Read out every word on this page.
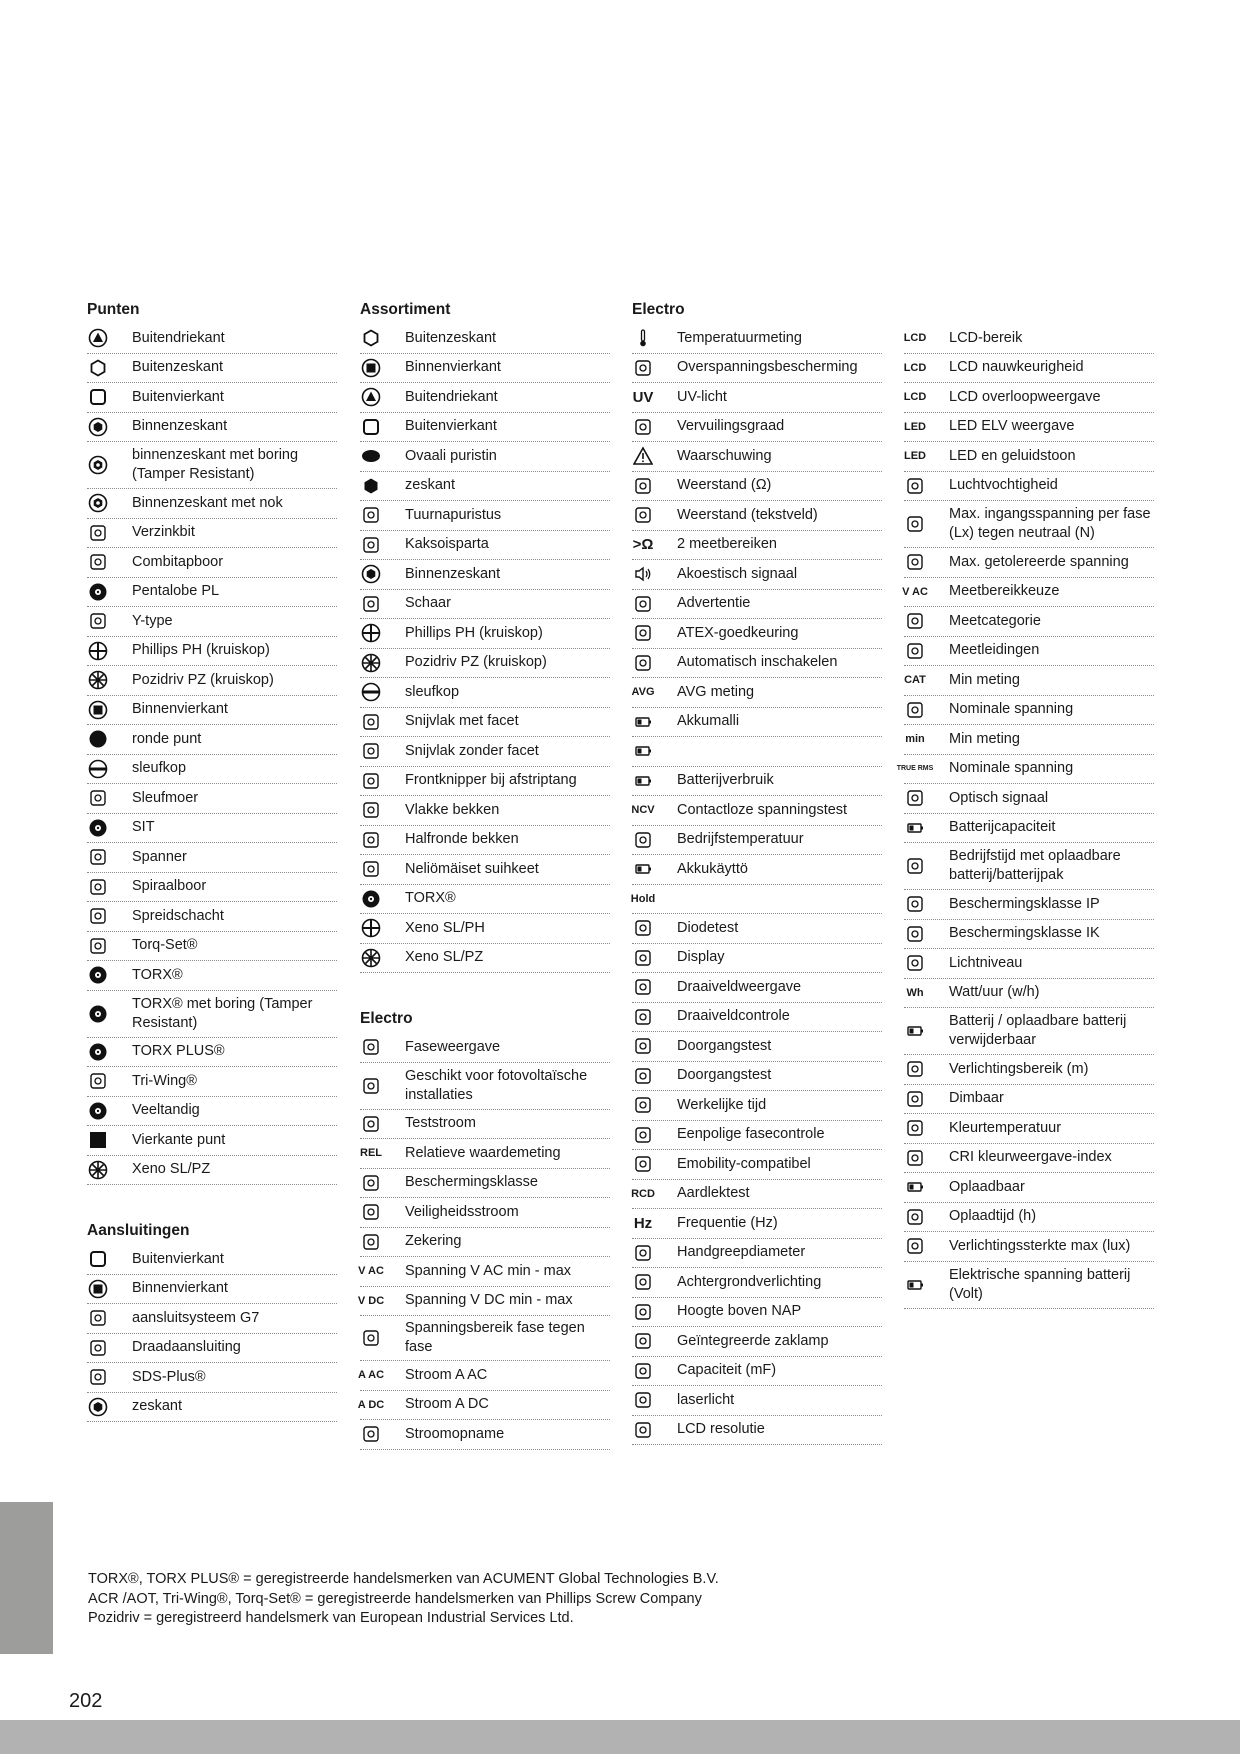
Punten
Buitendriekant
Buitenzeskant
Buitenvierkant
Binnenzeskant
binnenzeskant met boring (Tamper Resistant)
Binnenzeskant met nok
Verzinkbit
Combitapboor
Pentalobe PL
Y-type
Phillips PH (kruiskop)
Pozidriv PZ (kruiskop)
Binnenvierkant
ronde punt
sleufkop
Sleufmoer
SIT
Spanner
Spiraalboor
Spreidschacht
Torq-Set®
TORX®
TORX® met boring (Tamper Resistant)
TORX PLUS®
Tri-Wing®
Veeltandig
Vierkante punt
Xeno SL/PZ
Aansluitingen
Buitenvierkant
Binnenvierkant
aansluitsysteem G7
Draadaansluiting
SDS-Plus®
zeskant
Assortiment
Buitenzeskant
Binnenvierkant
Buitendriekant
Buitenvierkant
Ovaali puristin
zeskant
Tuurnapuristus
Kaksoisparta
Binnenzeskant
Schaar
Phillips PH (kruiskop)
Pozidriv PZ (kruiskop)
sleufkop
Snijvlak met facet
Snijvlak zonder facet
Frontknipper bij afstriptang
Vlakke bekken
Halfronde bekken
Neliömäiset suihkeet
TORX®
Xeno SL/PH
Xeno SL/PZ
Electro
Faseweergave
Geschikt voor fotovoltaïsche installaties
Teststroom
REL Relatieve waardemeting
Beschermingsklasse
Veiligheidsstroom
Zekering
V AC Spanning V AC min - max
V DC Spanning V DC min - max
Spanningsbereik fase tegen fase
A AC Stroom A AC
A DC Stroom A DC
Stroomopname
Electro
Temperatuurmeting
Overspanningsbescherming
UV UV-licht
Vervuilingsgraad
Waarschuwing
Weerstand (Ω)
Weerstand (tekstveld)
>Ω 2 meetbereiken
Akoestisch signaal
Advertentie
ATEX-goedkeuring
Automatisch inschakelen
AVG AVG meting
Akkumalli
Batterijverbruik
NCV Contactloze spanningstest
Bedrijfstemperatuur
Akkukäyttö
Hold
Diodetest
Display
Draaiveldweergave
Draaiveldcontrole
Doorgangstest
Doorgangstest
Werkelijke tijd
Eenpolige fasecontrole
Emobility-compatibel
RCD Aardlektest
Hz Frequentie (Hz)
Handgreepdiameter
Achtergrondverlichting
Hoogte boven NAP
Geïntegreerde zaklamp
Capaciteit (mF)
laserlicht
LCD resolutie
LCD LCD-bereik
LCD LCD nauwkeurigheid
LCD LCD overloopweergave
LED LED ELV weergave
LED LED en geluidstoon
Luchtvochtigheid
Max. ingangsspanning per fase (Lx) tegen neutraal (N)
Max. getolereerde spanning
V AC Meetbereikkeuze
Meetcategorie
Meetleidingen
CAT Min meting
Nominale spanning
min Min meting
TRUE RMS Nominale spanning
Optisch signaal
Batterijcapaciteit
Bedrijfstijd met oplaadbare batterij/batterijpak
Beschermingsklasse IP
Beschermingsklasse IK
Lichtniveau
Wh Watt/uur (w/h)
Batterij / oplaadbare batterij verwijderbaar
Verlichtingsbereik (m)
Dimbaar
Kleurtemperatuur
CRI kleurweergave-index
Oplaadbaar
Oplaadtijd (h)
Verlichtingssterkte max (lux)
Elektrische spanning batterij (Volt)
TORX®, TORX PLUS® = geregistreerde handelsmerken van ACUMENT Global Technologies B.V.
ACR /AOT, Tri-Wing®, Torq-Set® = geregistreerde handelsmerken van Phillips Screw Company
Pozidriv = geregistreerd handelsmerk van European Industrial Services Ltd.
202
